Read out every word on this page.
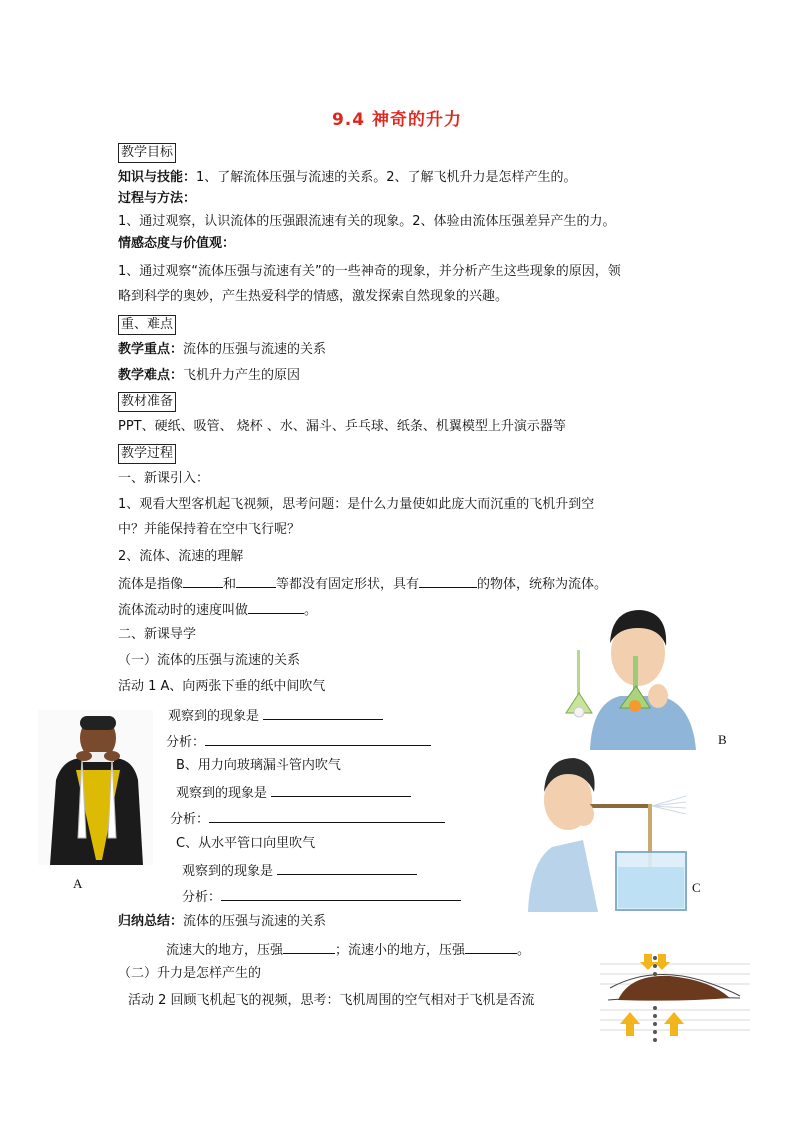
9.4 神奇的升力
教学目标
知识与技能：1、了解流体压强与流速的关系。2、了解飞机升力是怎样产生的。
过程与方法：
1、通过观察，认识流体的压强跟流速有关的现象。2、体验由流体压强差异产生的力。
情感态度与价值观：
1、通过观察“流体压强与流速有关”的一些神奇的现象，并分析产生这些现象的原因，领
略到科学的奥妙，产生热爱科学的情感，激发探索自然现象的兴趣。
重、难点
教学重点：流体的压强与流速的关系
教学难点：飞机升力产生的原因
教材准备
PPT、硬纸、吸管、 烧杯 、水、漏斗、乒乓球、纸条、机翼模型上升演示器等
教学过程
一、新课引入：
1、观看大型客机起飞视频，思考问题：是什么力量使如此庞大而沉重的飞机升到空
中？并能保持着在空中飞行呢？
2、流体、流速的理解
流体是指像	和	等都没有固定形状，具有	的物体，统称为流体。
流体流动时的速度叫做	。
二、新课导学
（一）流体的压强与流速的关系
活动 1 A、向两张下垂的纸中间吹气
观察到的现象是
分析：
B、用力向玻璃漏斗管内吹气
观察到的现象是
分析：
C、从水平管口向里吹气
观察到的现象是
分析：
归纳总结：流体的压强与流速的关系
流速大的地方，压强	；流速小的地方，压强	。
（二）升力是怎样产生的
活动 2 回顾飞机起飞的视频，思考：飞机周围的空气相对于飞机是否流
A
B
C
